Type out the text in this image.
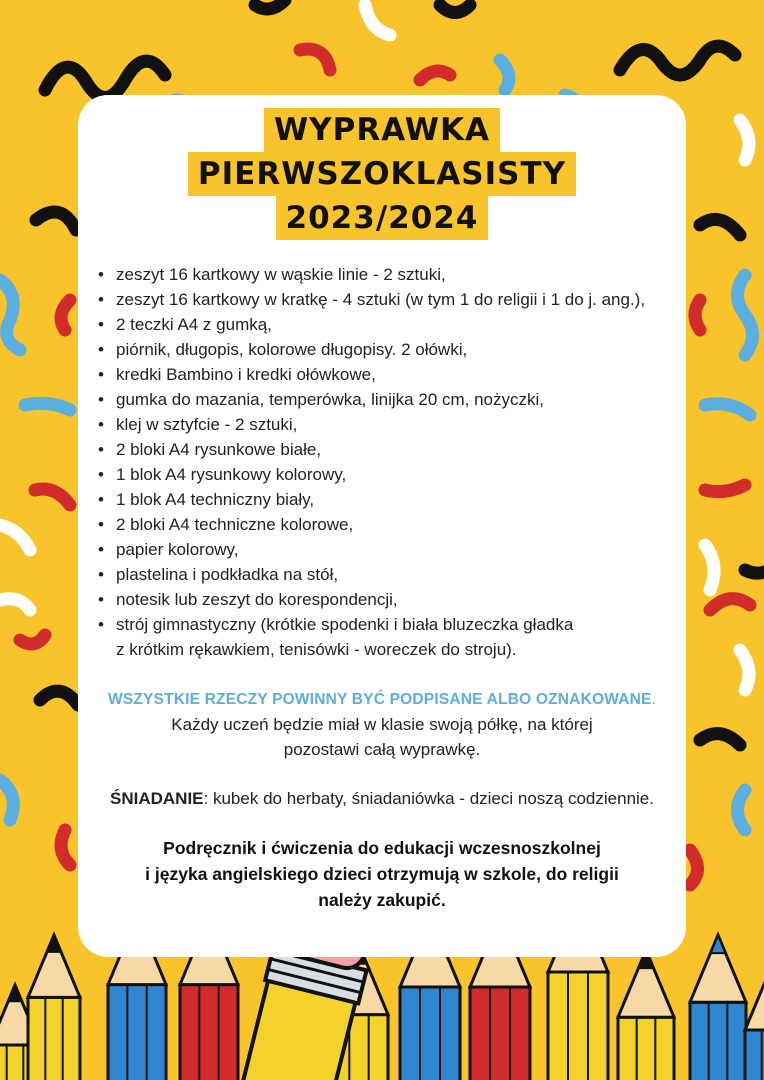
WYPRAWKA
PIERWSZOKLASISTY
2023/2024
• zeszyt 16 kartkowy w wąskie linie - 2 sztuki,
• zeszyt 16 kartkowy w kratkę - 4 sztuki (w tym 1 do religii i 1 do j. ang.),
• 2 teczki A4 z gumką,
• piórnik, długopis, kolorowe długopisy. 2 ołówki,
• kredki Bambino i kredki ołówkowe,
• gumka do mazania, temperówka, linijka 20 cm, nożyczki,
• klej w sztyfcie - 2 sztuki,
• 2 bloki A4 rysunkowe białe,
• 1 blok A4 rysunkowy kolorowy,
• 1 blok A4 techniczny biały,
• 2 bloki A4 techniczne kolorowe,
• papier kolorowy,
• plastelina i podkładka na stół,
• notesik lub zeszyt do korespondencji,
• strój gimnastyczny (krótkie spodenki i biała bluzeczka gładka
z krótkim rękawkiem, tenisówki - woreczek do stroju).
WSZYSTKIE RZECZY POWINNY BYĆ PODPISANE ALBO OZNAKOWANE.
Każdy uczeń będzie miał w klasie swoją półkę, na której
pozostawi całą wyprawkę.
ŚNIADANIE: kubek do herbaty, śniadaniówka - dzieci noszą codziennie.
Podręcznik i ćwiczenia do edukacji wczesnoszkolnej
i języka angielskiego dzieci otrzymują w szkole, do religii
należy zakupić.
